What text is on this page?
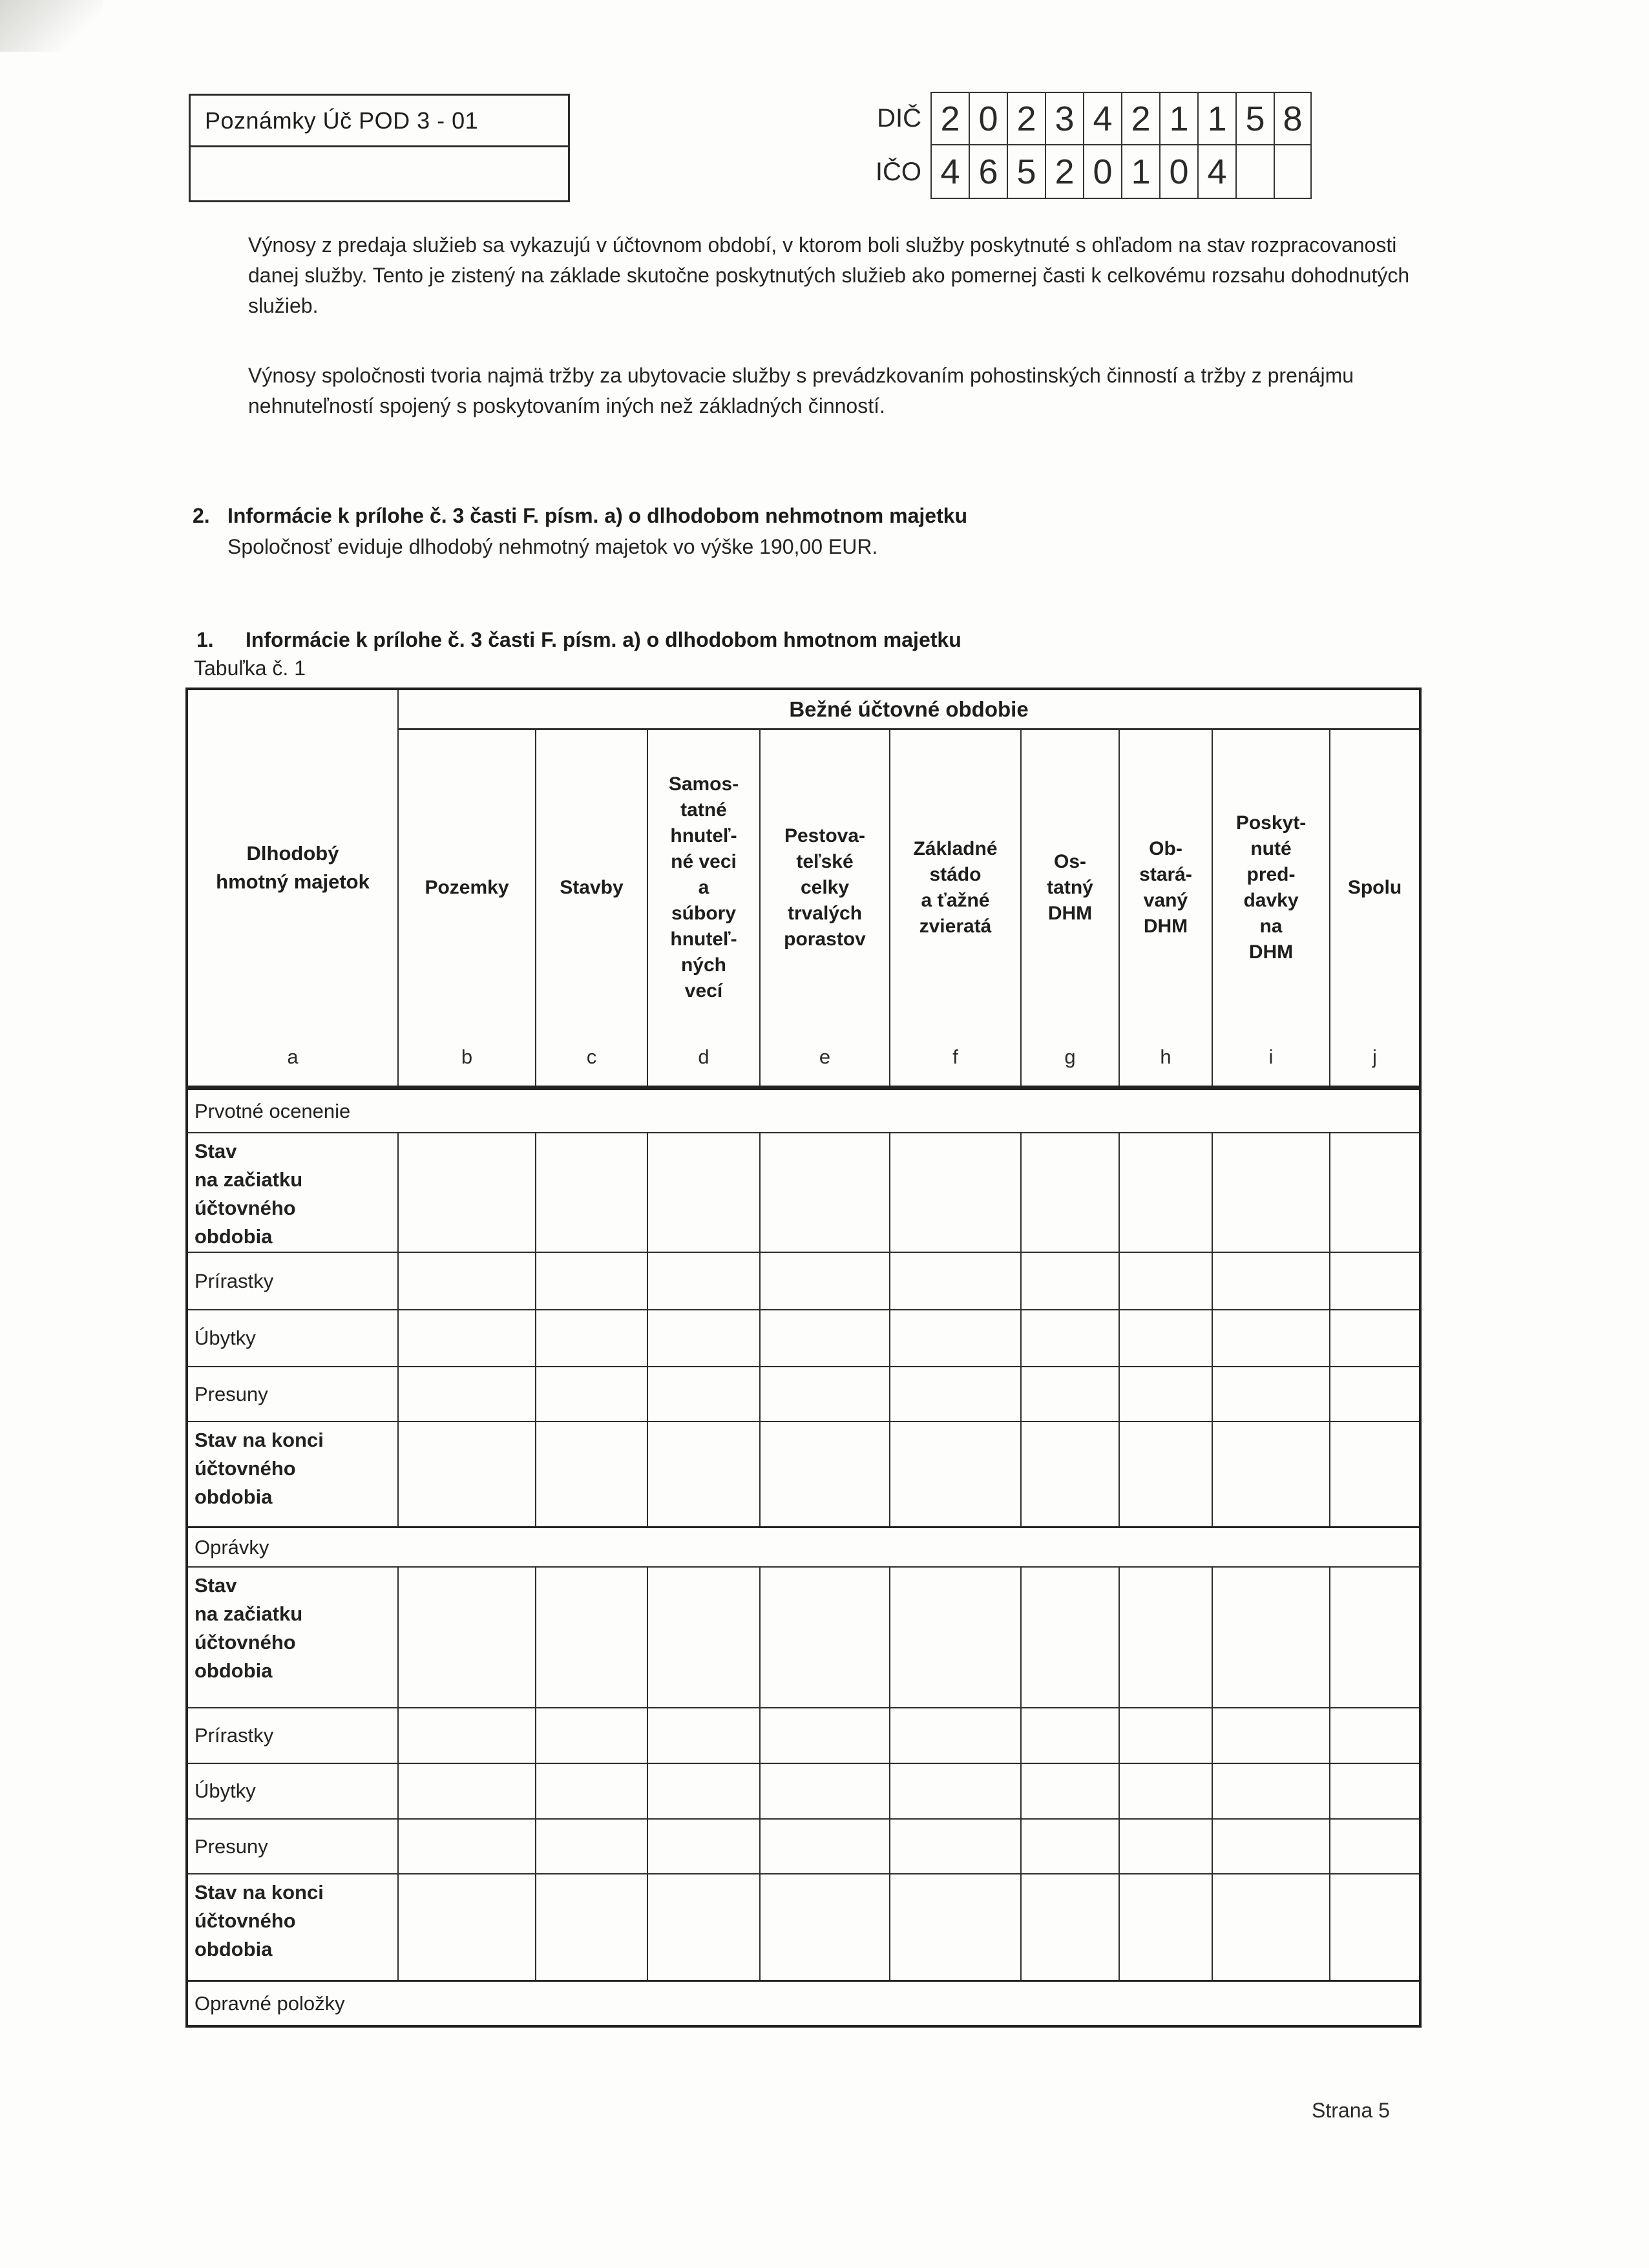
Poznámky Úč POD 3 - 01	DIČ 2 0 2 3 4 2 1 1 5 8
IČO 4 6 5 2 0 1 0 4
Výnosy z predaja služieb sa vykazujú v účtovnom období, v ktorom boli služby poskytnuté s ohľadom na stav rozpracovanosti danej služby. Tento je zistený na základe skutočne poskytnutých služieb ako pomernej časti k celkovému rozsahu dohodnutých služieb.
Výnosy spoločnosti tvoria najmä tržby za ubytovacie služby s prevádzkovaním pohostinských činností a tržby z prenájmu nehnuteľností spojený s poskytovaním iných než základných činností.
2. Informácie k prílohe č. 3 časti F. písm. a) o dlhodobom nehmotnom majetku
Spoločnosť eviduje dlhodobý nehmotný majetok vo výške 190,00 EUR.
1. Informácie k prílohe č. 3 časti F. písm. a) o dlhodobom hmotnom majetku
Tabuľka č. 1
Dlhodobý
hmotný majetok
a
Bežné účtovné obdobie
Pozemky
b
Stavby
c
Samos-
tatné
hnuteľ-
né veci
a
súbory
hnuteľ-
ných
vecí
d
Pestova-
teľské
celky
trvalých
porastov
e
Základné
stádo
a ťažné
zvieratá
f
Os-
tatný
DHM
g
Ob-
stará-
vaný
DHM
h
Poskyt-
nuté
pred-
davky
na
DHM
i
Spolu
j
Prvotné ocenenie
Stav
na začiatku
účtovného
obdobia
Prírastky
Úbytky
Presuny
Stav na konci
účtovného
obdobia
Oprávky
Stav
na začiatku
účtovného
obdobia
Prírastky
Úbytky
Presuny
Stav na konci
účtovného
obdobia
Opravné položky
Strana 5
